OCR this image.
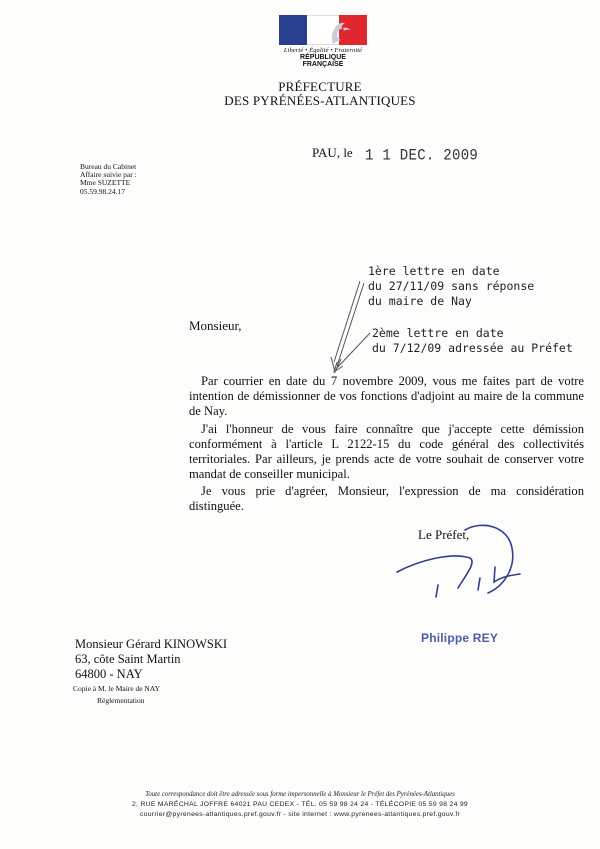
Liberté • Égalité • Fraternité
RÉPUBLIQUE FRANÇAISE
PRÉFECTURE
DES PYRÉNÉES-ATLANTIQUES
Bureau du Cabinet
Affaire suivie par :
Mme SUZETTE
05.59.98.24.17
PAU, le 1 1 DEC. 2009
1ère lettre en date
du 27/11/09 sans réponse
du maire de Nay
2ème lettre en date
du 7/12/09 adressée au Préfet
Monsieur,
Par courrier en date du 7 novembre 2009, vous me faites part de votre intention de démissionner de vos fonctions d'adjoint au maire de la commune de Nay.
J'ai l'honneur de vous faire connaître que j'accepte cette démission conformément à l'article L 2122-15 du code général des collectivités territoriales. Par ailleurs, je prends acte de votre souhait de conserver votre mandat de conseiller municipal.
Je vous prie d'agréer, Monsieur, l'expression de ma considération distinguée.
Le Préfet,
Philippe REY
Monsieur Gérard KINOWSKI
63, côte Saint Martin
64800 - NAY
Copie à M. le Maire de NAY
Réglementation
Toute correspondance doit être adressée sous forme impersonnelle à Monsieur le Préfet des Pyrénées-Atlantiques
2, RUE MARÉCHAL JOFFRE 64021 PAU CEDEX - TÉL. 05 59 98 24 24 - TÉLÉCOPIE 05 59 98 24 99
courrier@pyrenees-atlantiques.pref.gouv.fr - site internet : www.pyrenees-atlantiques.pref.gouv.fr
